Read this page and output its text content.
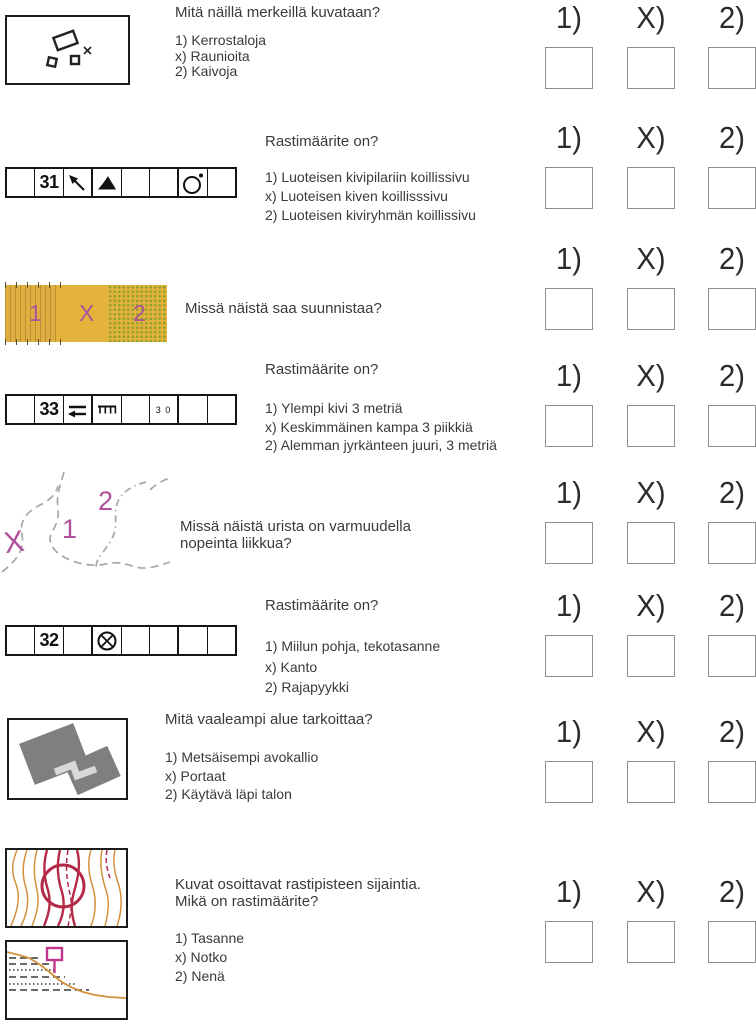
Mitä näillä merkeillä kuvataan?
1) Kerrostaloja
x) Raunioita
2) Kaivoja
1)	X)	2)
Rastimäärite on?
31	1) Luoteisen kivipilariin koillissivu
x) Luoteisen kiven koillisssivu
2) Luoteisen kiviryhmän koillissivu
1)	X)	2)
1 X 2	Missä näistä saa suunnistaa?
1)	X)	2)
Rastimäärite on?
33	3 0	1) Ylempi kivi 3 metriä
x) Keskimmäinen kampa 3 piikkiä
2) Alemman jyrkänteen juuri, 3 metriä
1)	X)	2)
X 1
2
Missä näistä urista on varmuudella
nopeinta liikkua?
1)	X)	2)
Rastimäärite on?
32	1) Miilun pohja, tekotasanne
x) Kanto
2) Rajapyykki
1)	X)	2)
Mitä vaaleampi alue tarkoittaa?
1) Metsäisempi avokallio
x) Portaat
2) Käytävä läpi talon
1)	X)	2)
Kuvat osoittavat rastipisteen sijaintia.
Mikä on rastimäärite?
1) Tasanne
x) Notko
2) Nenä
1)	X)	2)
